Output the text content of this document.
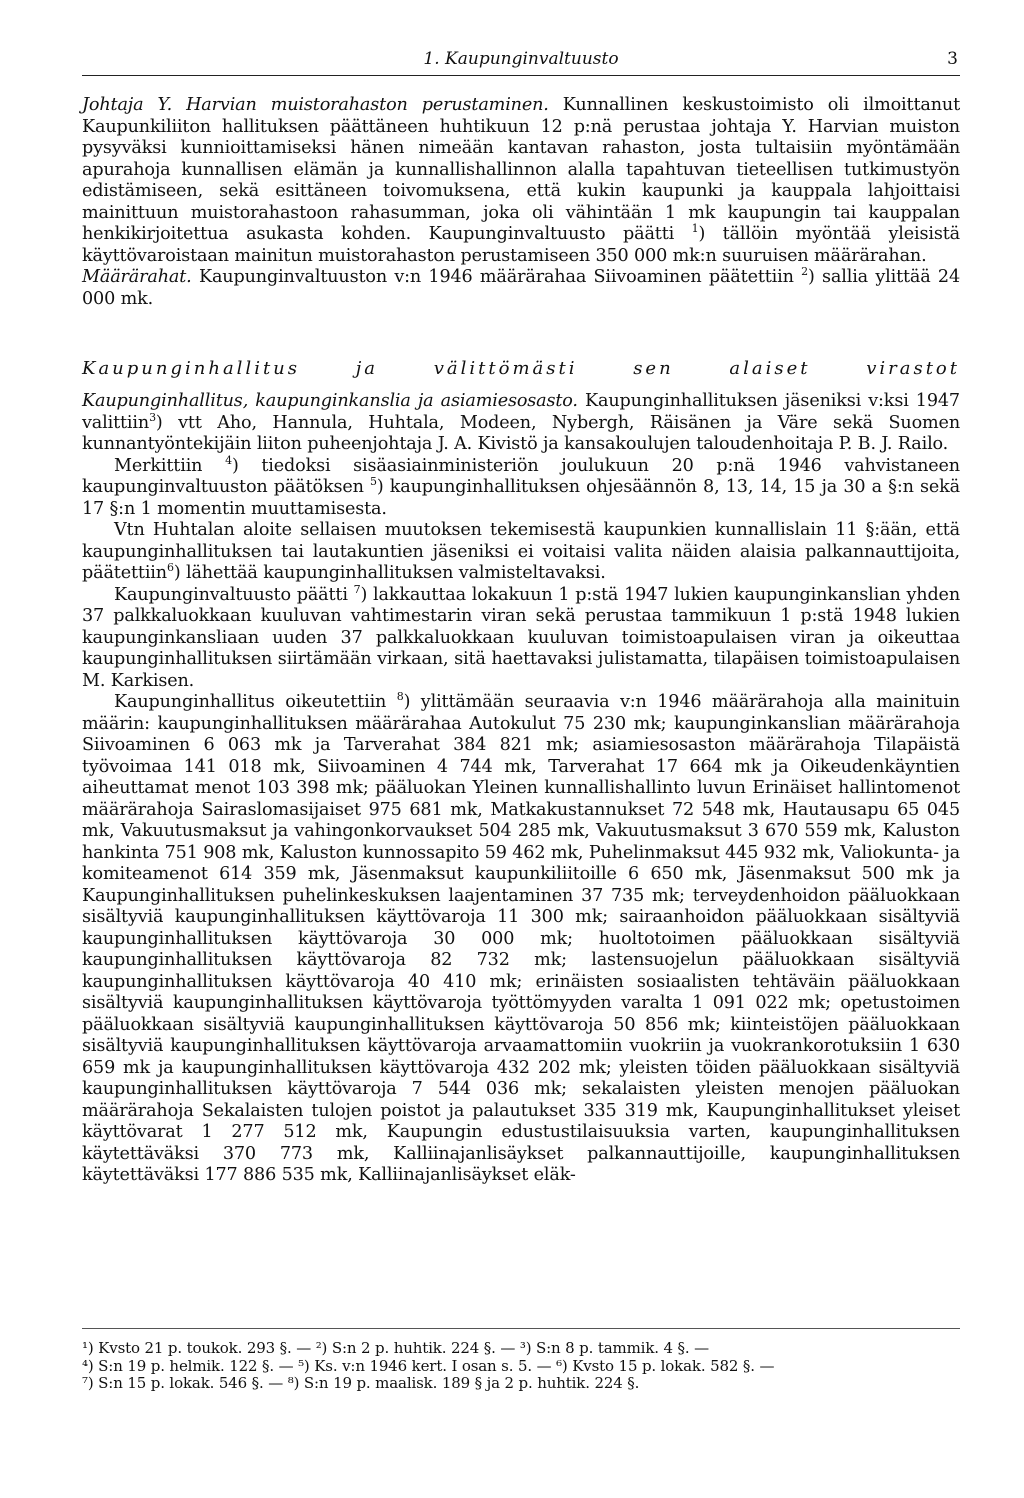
1. Kaupunginvaltuusto	3

Johtaja Y. Harvian muistorahaston perustaminen. Kunnallinen keskustoimisto oli ilmoittanut Kaupunkiliiton hallituksen päättäneen huhtikuun 12 p:nä perustaa johtaja Y. Harvian muiston pysyväksi kunnioittamiseksi hänen nimeään kantavan rahaston, josta tultaisiin myöntämään apurahoja kunnallisen elämän ja kunnallishallinnon alalla tapahtuvan tieteellisen tutkimustyön edistämiseen, sekä esittäneen toivomuksena, että kukin kaupunki ja kauppala lahjoittaisi mainittuun muistorahastoon rahasumman, joka oli vähintään 1 mk kaupungin tai kauppalan henkikirjoitettua asukasta kohden. Kaupunginvaltuusto päätti $^1$) tällöin myöntää yleisistä käyttövaroistaan mainitun muistorahaston perustamiseen 350 000 mk:n suuruisen määrärahan.

Määrärahat. Kaupunginvaltuuston v:n 1946 määrärahaa Siivoaminen päätettiin $^2$) sallia ylittää 24 000 mk.

Kaupunginhallitus ja välittömästi sen alaiset virastot

Kaupunginhallitus, kaupunginkanslia ja asiamiesosasto. Kaupunginhallituksen jäseniksi v:ksi 1947 valittiin$^3$) vtt Aho, Hannula, Huhtala, Modeen, Nybergh, Räisänen ja Väre sekä Suomen kunnantyöntekijäin liiton puheenjohtaja J. A. Kivistö ja kansakoulujen taloudenhoitaja P. B. J. Railo.

Merkittiin $^4$) tiedoksi sisäasiainministeriön joulukuun 20 p:nä 1946 vahvistaneen kaupunginvaltuuston päätöksen $^5$) kaupunginhallituksen ohjesäännön 8, 13, 14, 15 ja 30 a §:n sekä 17 §:n 1 momentin muuttamisesta.

Vtn Huhtalan aloite sellaisen muutoksen tekemisestä kaupunkien kunnallislain 11 §:ään, että kaupunginhallituksen tai lautakuntien jäseniksi ei voitaisi valita näiden alaisia palkannauttijoita, päätettiin$^6$) lähettää kaupunginhallituksen valmisteltavaksi.

Kaupunginvaltuusto päätti $^7$) lakkauttaa lokakuun 1 p:stä 1947 lukien kaupunginkanslian yhden 37 palkkaluokkaan kuuluvan vahtimestarin viran sekä perustaa tammikuun 1 p:stä 1948 lukien kaupunginkansliaan uuden 37 palkkaluokkaan kuuluvan toimistoapulaisen viran ja oikeuttaa kaupunginhallituksen siirtämään virkaan, sitä haettavaksi julistamatta, tilapäisen toimistoapulaisen M. Karkisen.

Kaupunginhallitus oikeutettiin $^8$) ylittämään seuraavia v:n 1946 määrärahoja alla mainituin määrin: kaupunginhallituksen määrärahaa Autokulut 75 230 mk; kaupunginkanslian määrärahoja Siivoaminen 6 063 mk ja Tarverahat 384 821 mk; asiamiesosaston määrärahoja Tilapäistä työvoimaa 141 018 mk, Siivoaminen 4 744 mk, Tarverahat 17 664 mk ja Oikeudenkäyntien aiheuttamat menot 103 398 mk; pääluokan Yleinen kunnallishallinto luvun Erinäiset hallintomenot määrärahoja Sairaslomasijaiset 975 681 mk, Matkakustannukset 72 548 mk, Hautausapu 65 045 mk, Vakuutusmaksut ja vahingonkorvaukset 504 285 mk, Vakuutusmaksut 3 670 559 mk, Kaluston hankinta 751 908 mk, Kaluston kunnossapito 59 462 mk, Puhelinmaksut 445 932 mk, Valiokunta- ja komiteamenot 614 359 mk, Jäsenmaksut kaupunkiliitoille 6 650 mk, Jäsenmaksut 500 mk ja Kaupunginhallituksen puhelinkeskuksen laajentaminen 37 735 mk; terveydenhoidon pääluokkaan sisältyviä kaupunginhallituksen käyttövaroja 11 300 mk; sairaanhoidon pääluokkaan sisältyviä kaupunginhallituksen käyttövaroja 30 000 mk; huoltotoimen pääluokkaan sisältyviä kaupunginhallituksen käyttövaroja 82 732 mk; lastensuojelun pääluokkaan sisältyviä kaupunginhallituksen käyttövaroja 40 410 mk; erinäisten sosiaalisten tehtäväin pääluokkaan sisältyviä kaupunginhallituksen käyttövaroja työttömyyden varalta 1 091 022 mk; opetustoimen pääluokkaan sisältyviä kaupunginhallituksen käyttövaroja 50 856 mk; kiinteistöjen pääluokkaan sisältyviä kaupunginhallituksen käyttövaroja arvaamattomiin vuokriin ja vuokrankorotuksiin 1 630 659 mk ja kaupunginhallituksen käyttövaroja 432 202 mk; yleisten töiden pääluokkaan sisältyviä kaupunginhallituksen käyttövaroja 7 544 036 mk; sekalaisten yleisten menojen pääluokan määrärahoja Sekalaisten tulojen poistot ja palautukset 335 319 mk, Kaupunginhallitukset yleiset käyttövarat 1 277 512 mk, Kaupungin edustustilaisuuksia varten, kaupunginhallituksen käytettäväksi 370 773 mk, Kalliinajanlisäykset palkannauttijoille, kaupunginhallituksen käytettäväksi 177 886 535 mk, Kalliinajanlisäykset eläk-

¹) Kvsto 21 p. toukok. 293 §. — ²) S:n 2 p. huhtik. 224 §. — ³) S:n 8 p. tammik. 4 §. —

⁴) S:n 19 p. helmik. 122 §. — ⁵) Ks. v:n 1946 kert. I osan s. 5. — ⁶) Kvsto 15 p. lokak. 582 §. —

⁷) S:n 15 p. lokak. 546 §. — ⁸) S:n 19 p. maalisk. 189 § ja 2 p. huhtik. 224 §.
